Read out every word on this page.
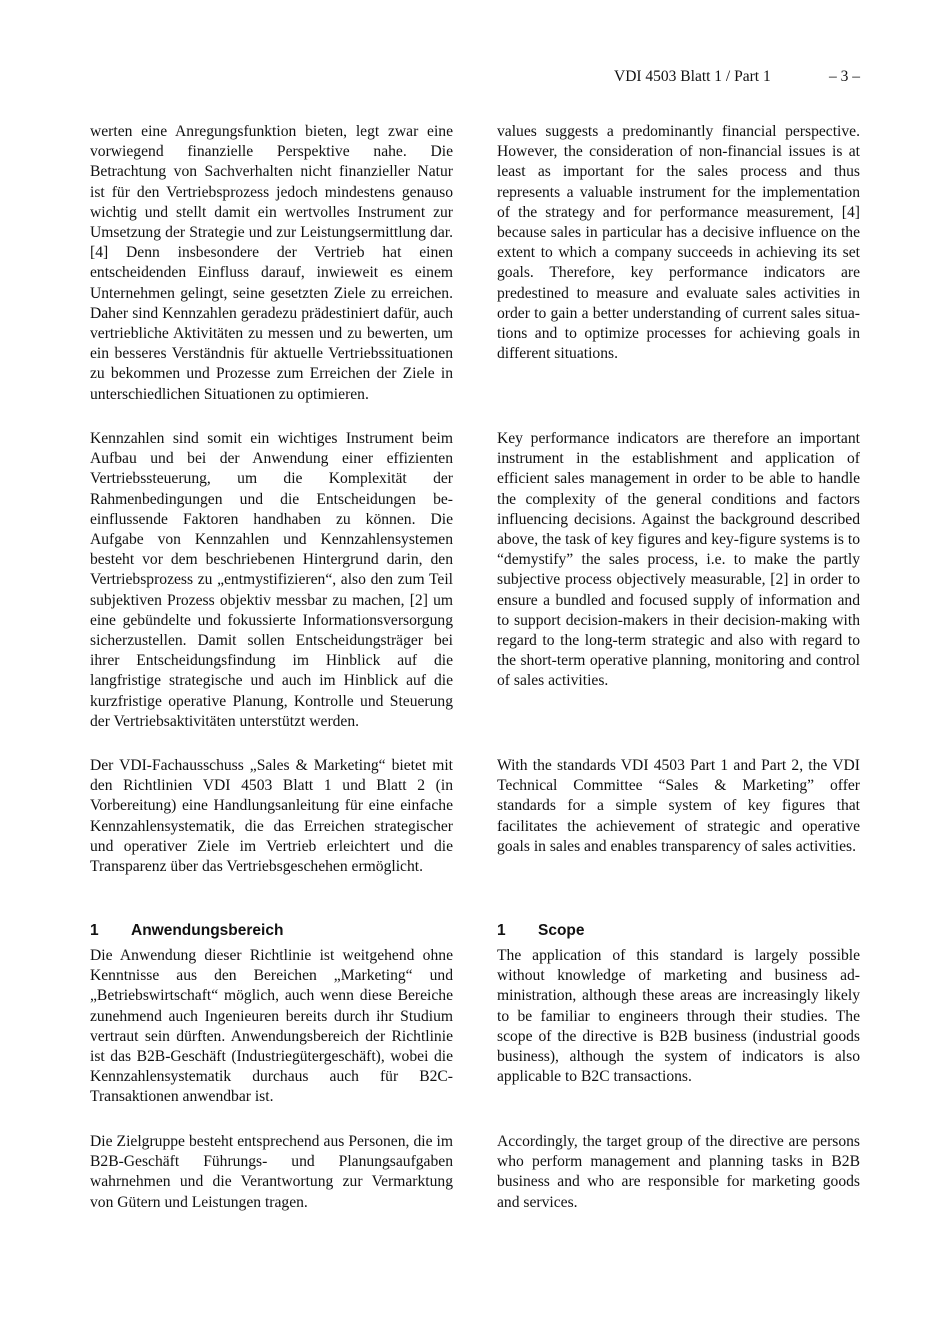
VDI 4503 Blatt 1 / Part 1	– 3 –

werten eine Anregungsfunktion bieten, legt zwar eine vorwiegend finanzielle Perspektive nahe. Die Betrachtung von Sachverhalten nicht finanzieller Natur ist für den Vertriebsprozess jedoch mindestens genauso wichtig und stellt damit ein wertvolles Instrument zur Umsetzung der Strategie und zur Leistungsermittlung dar. [4] Denn insbesondere der Vertrieb hat einen entscheidenden Einfluss darauf, inwieweit es einem Unternehmen gelingt, seine gesetzten Ziele zu erreichen. Daher sind Kennzahlen geradezu prädestiniert dafür, auch vertriebliche Aktivitäten zu messen und zu bewerten, um ein besseres Verständnis für aktuelle Vertriebssituationen zu bekommen und Prozesse zum Erreichen der Ziele in unterschiedlichen Situationen zu optimieren.

Kennzahlen sind somit ein wichtiges Instrument beim Aufbau und bei der Anwendung einer effizienten Vertriebssteuerung, um die Komplexität der Rahmenbedingungen und die Entscheidungen beeinflussende Faktoren handhaben zu können. Die Aufgabe von Kennzahlen und Kennzahlensystemen besteht vor dem beschriebenen Hintergrund darin, den Vertriebsprozess zu „entmystifizieren“, also den zum Teil subjektiven Prozess objektiv messbar zu machen, [2] um eine gebündelte und fokussierte Informationsversorgung sicherzustellen. Damit sollen Entscheidungsträger bei ihrer Entscheidungsfindung im Hinblick auf die langfristige strategische und auch im Hinblick auf die kurzfristige operative Planung, Kontrolle und Steuerung der Vertriebsaktivitäten unterstützt werden.

Der VDI-Fachausschuss „Sales & Marketing“ bietet mit den Richtlinien VDI 4503 Blatt 1 und Blatt 2 (in Vorbereitung) eine Handlungsanleitung für eine einfache Kennzahlensystematik, die das Erreichen strategischer und operativer Ziele im Vertrieb erleichtert und die Transparenz über das Vertriebsgeschehen ermöglicht.

1 Anwendungsbereich

Die Anwendung dieser Richtlinie ist weitgehend ohne Kenntnisse aus den Bereichen „Marketing“ und „Betriebswirtschaft“ möglich, auch wenn diese Bereiche zunehmend auch Ingenieuren bereits durch ihr Studium vertraut sein dürften. Anwendungsbereich der Richtlinie ist das B2B-Geschäft (Industriegütergeschäft), wobei die Kennzahlensystematik durchaus auch für B2C-Transaktionen anwendbar ist.

Die Zielgruppe besteht entsprechend aus Personen, die im B2B-Geschäft Führungs- und Planungsaufgaben wahrnehmen und die Verantwortung zur Vermarktung von Gütern und Leistungen tragen.

values suggests a predominantly financial perspective. However, the consideration of non-financial issues is at least as important for the sales process and thus represents a valuable instrument for the implementation of the strategy and for performance measurement, [4] because sales in particular has a decisive influence on the extent to which a company succeeds in achieving its set goals. Therefore, key performance indicators are predestined to measure and evaluate sales activities in order to gain a better understanding of current sales situations and to optimize processes for achieving goals in different situations.

Key performance indicators are therefore an important instrument in the establishment and application of efficient sales management in order to be able to handle the complexity of the general conditions and factors influencing decisions. Against the background described above, the task of key figures and key-figure systems is to “demystify” the sales process, i.e. to make the partly subjective process objectively measurable, [2] in order to ensure a bundled and focused supply of information and to support decision-makers in their decision-making with regard to the long-term strategic and also with regard to the short-term operative planning, monitoring and control of sales activities.

With the standards VDI 4503 Part 1 and Part 2, the VDI Technical Committee “Sales & Marketing” offer standards for a simple system of key figures that facilitates the achievement of strategic and operative goals in sales and enables transparency of sales activities.

1 Scope

The application of this standard is largely possible without knowledge of marketing and business administration, although these areas are increasingly likely to be familiar to engineers through their studies. The scope of the directive is B2B business (industrial goods business), although the system of indicators is also applicable to B2C transactions.

Accordingly, the target group of the directive are persons who perform management and planning tasks in B2B business and who are responsible for marketing goods and services.
